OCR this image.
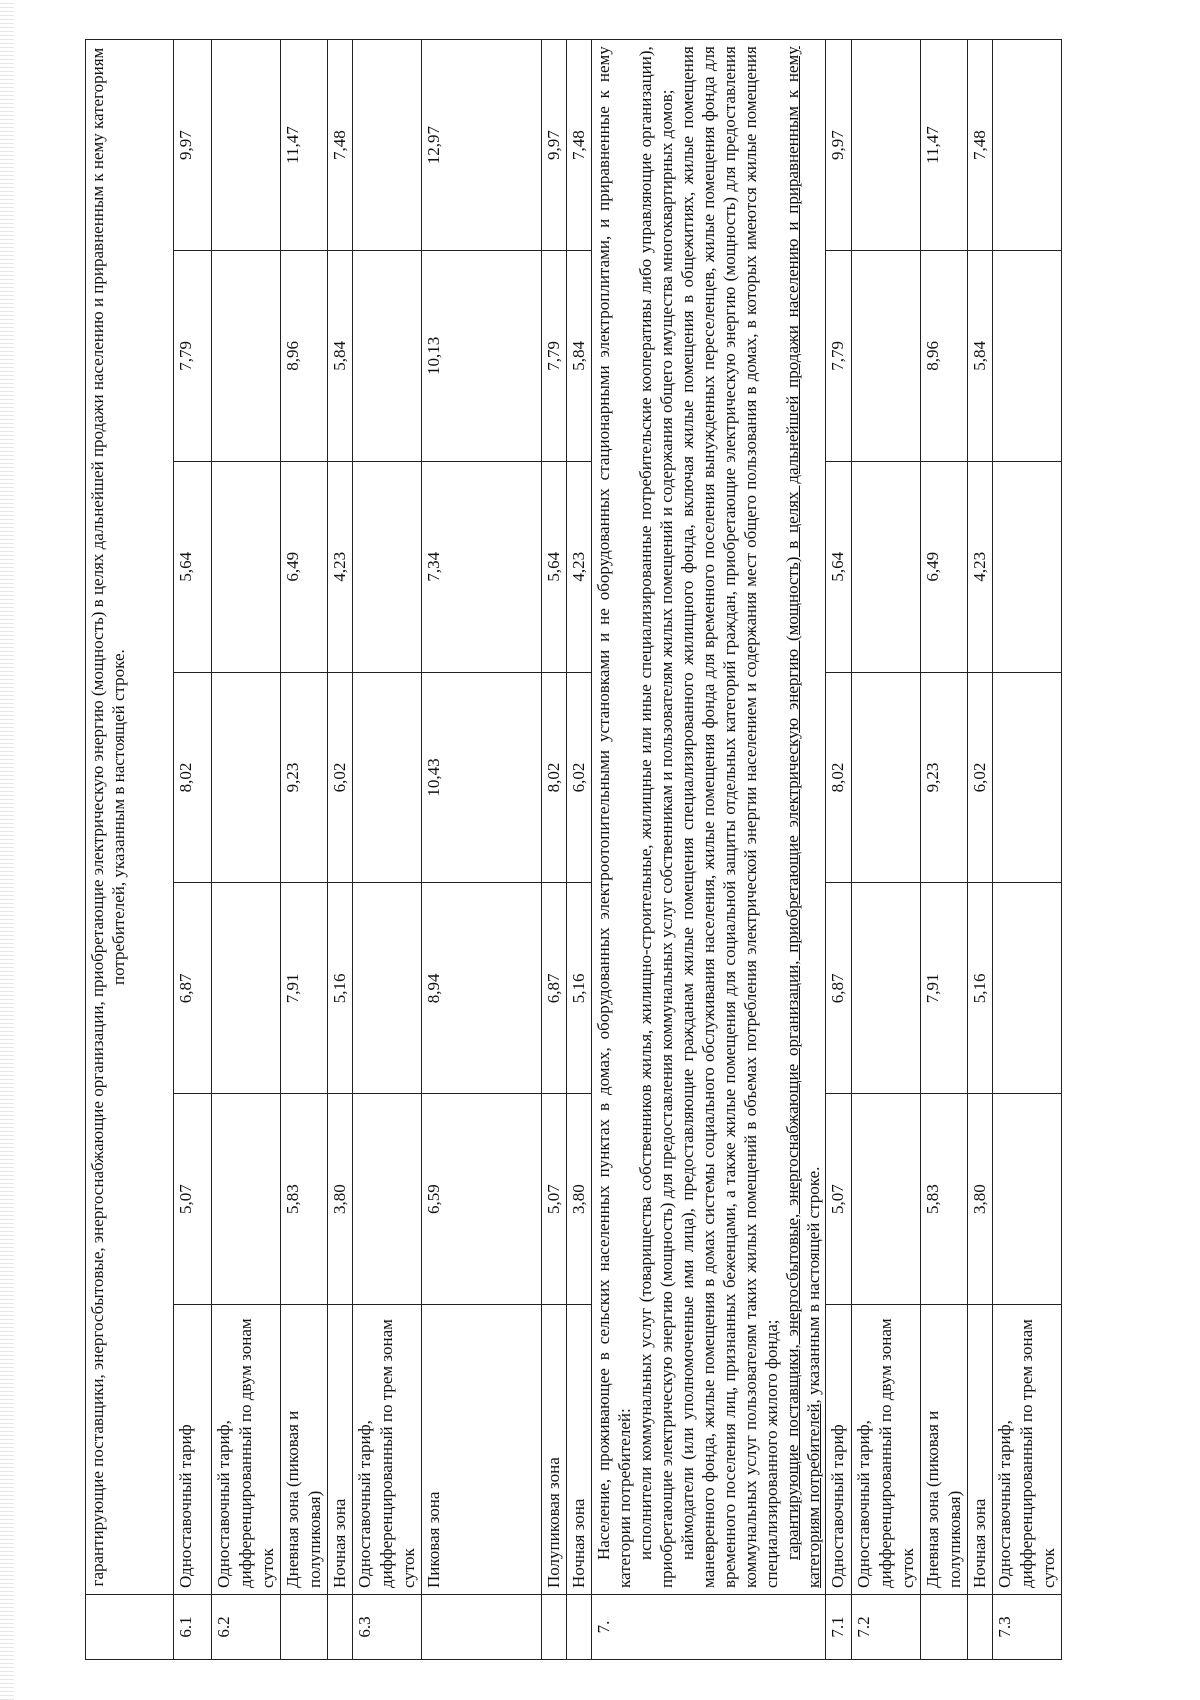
	гарантирующие поставщики, энергосбытовые, энергоснабжающие организации, приобретающие электрическую энергию (мощность) в целях дальнейшей продажи населению и приравненным к нему категориям потребителей, указанным в настоящей строке.						
6.1	Одноставочный тариф	5,07	6,87	8,02	5,64	7,79	9,97
6.2	Одноставочный тариф, дифференцированный по двум зонам суток						
	Дневная зона (пиковая и полупиковая)	5,83	7,91	9,23	6,49	8,96	11,47
	Ночная зона	3,80	5,16	6,02	4,23	5,84	7,48
6.3	Одноставочный тариф, дифференцированный по трем зонам суток						
	Пиковая зона	6,59	8,94	10,43	7,34	10,13	12,97
	Полупиковая зона	5,07	6,87	8,02	5,64	7,79	9,97
	Ночная зона	3,80	5,16	6,02	4,23	5,84	7,48
7.	Население, проживающее в сельских населенных пунктах в домах, оборудованных электроотопительными установками и не оборудованных стационарными электроплитами, и приравненные к нему категории потребителей: исполнители коммунальных услуг (товарищества собственников жилья, жилищно-строительные, жилищные или иные специализированные потребительские кооперативы либо управляющие организации), приобретающие электрическую энергию (мощность) для предоставления коммунальных услуг собственникам и пользователям жилых помещений и содержания общего имущества многоквартирных домов; наймодатели (или уполномоченные ими лица), предоставляющие гражданам жилые помещения специализированного жилищного фонда, включая жилые помещения в общежитиях, жилые помещения маневренного фонда, жилые помещения в домах системы социального обслуживания населения, жилые помещения фонда для временного поселения вынужденных переселенцев, жилые помещения фонда для временного поселения лиц, признанных беженцами, а также жилые помещения для социальной защиты отдельных категорий граждан, приобретающие электрическую энергию (мощность) для предоставления коммунальных услуг пользователям таких жилых помещений в объемах потребления электрической энергии населением и содержания мест общего пользования в домах, в которых имеются жилые помещения специализированного жилого фонда; гарантирующие поставщики, энергосбытовые, энергоснабжающие организации, приобретающие электрическую энергию (мощность) в целях дальнейшей продажи населению и приравненным к нему категориям потребителей, указанным в настоящей строке.						

7.1	Одноставочный тариф	5,07	6,87	8,02	5,64	7,79	9,97
7.2	Одноставочный тариф, дифференцированный по двум зонам суток						
	Дневная зона (пиковая и полупиковая)	5,83	7,91	9,23	6,49	8,96	11,47
	Ночная зона	3,80	5,16	6,02	4,23	5,84	7,48
7.3	Одноставочный тариф, дифференцированный по трем зонам суток						
